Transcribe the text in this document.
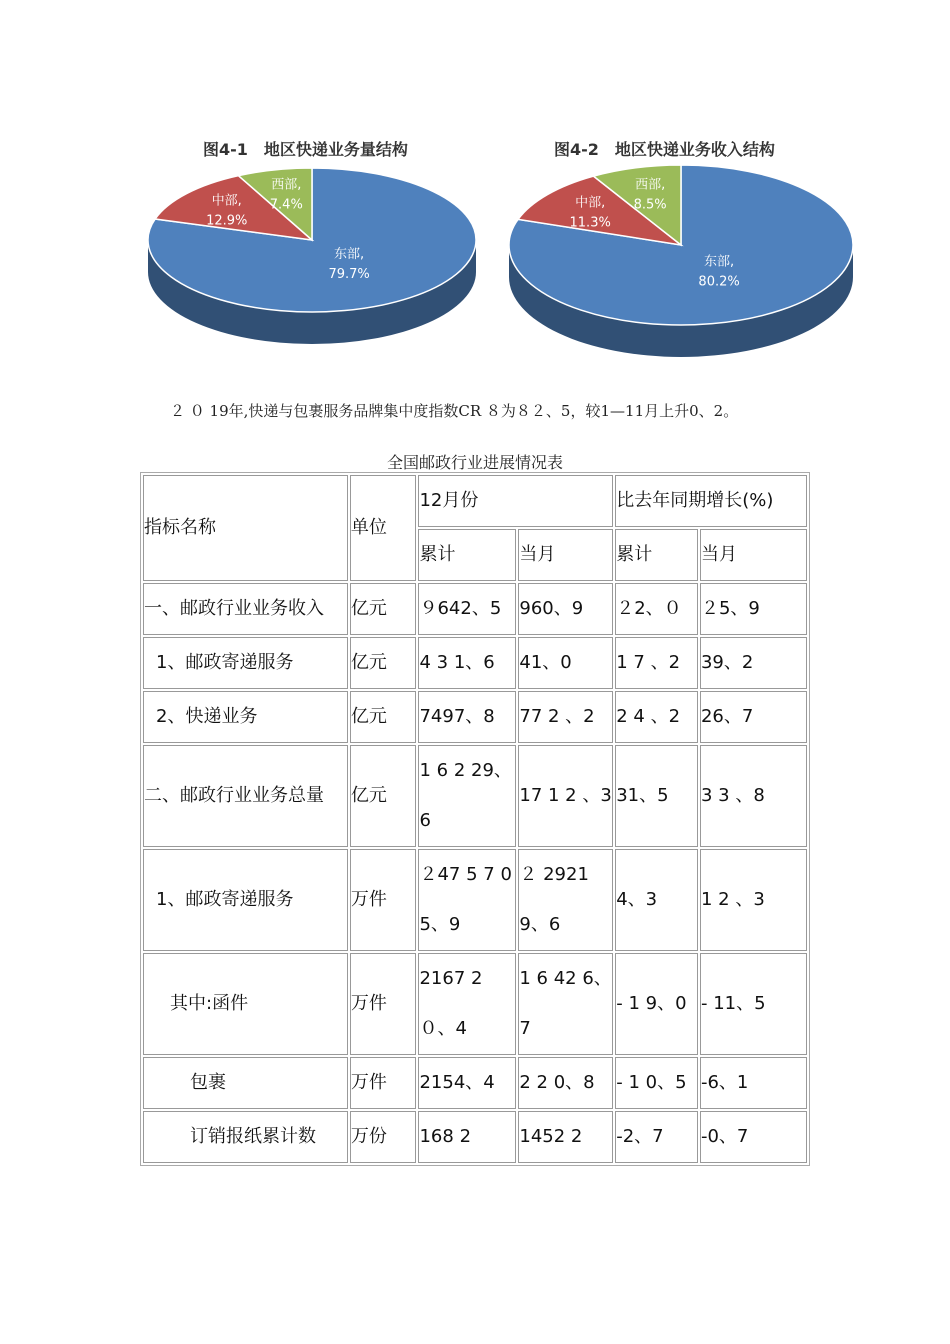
图4-1　地区快递业务量结构	图4-2　地区快递业务收入结构
东部,
79.7%
中部,
12.9%
西部,
7.4%
东部,
80.2%
中部,
11.3%
西部,
8.5%
２ ０ 19年,快递与包裹服务品牌集中度指数CR ８为８２、5，较1—11月上升0、2。
全国邮政行业进展情况表
指标名称	单位	12月份		比去年同期增长(%)	
		累计	当月	累计	当月
一、邮政行业业务收入	亿元	９642、5	960、9	２2、０	２5、9
1、邮政寄递服务	亿元	4 3 1、6	41、0	1 7 、2	39、2
2、快递业务	亿元	7497、8	77 2 、2	2 4 、2	26、7
二、邮政行业业务总量	亿元	1 6 2 29、6	17 1 2 、3	31、5	3 3 、8
1、邮政寄递服务	万件	２47 5 7 05、9	２ 29219、6	4、3	1 2 、3
其中:函件	万件	2167 2 ０、4	1 6 42 6、7	- 1 9、0	- 11、5
包裹	万件	2154、4	2 2 0、8	- 1 0、5	-6、1
订销报纸累计数	万份	168 2	1452 2	-2、7	-0、7
